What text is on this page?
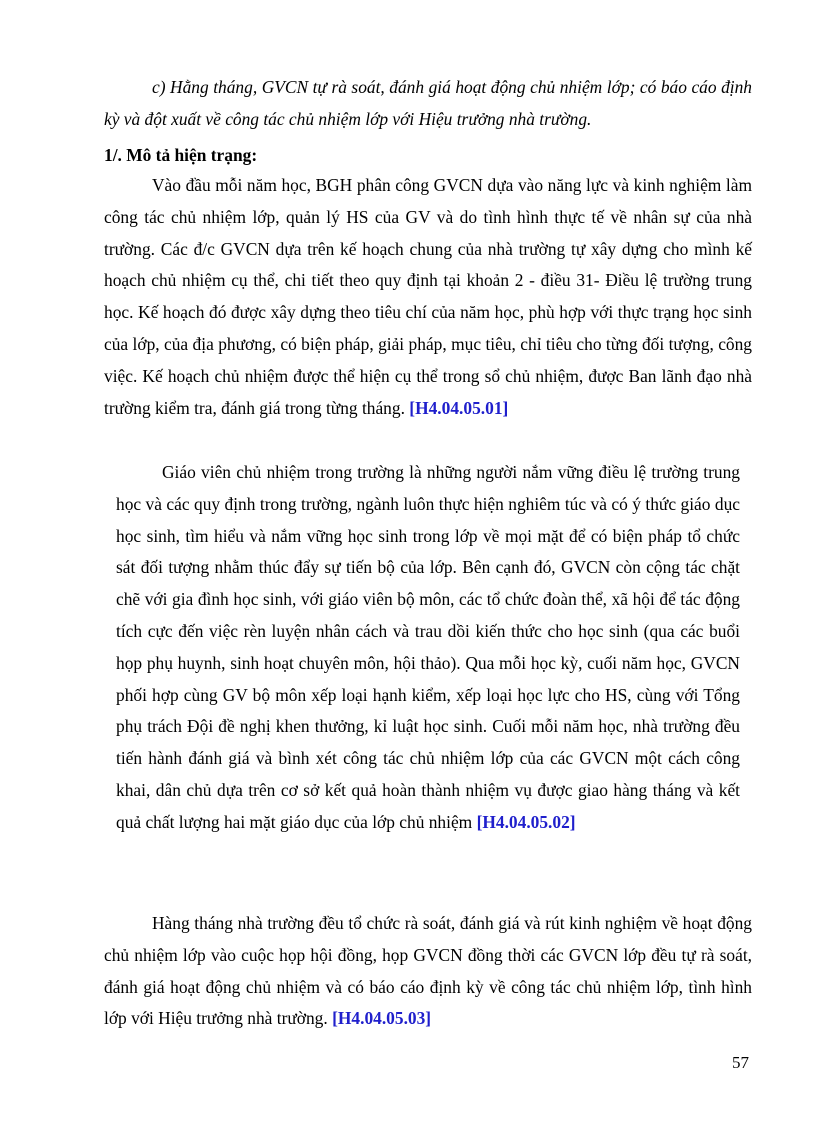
c) Hằng tháng, GVCN tự rà soát, đánh giá hoạt động chủ nhiệm lớp; có báo cáo định kỳ và đột xuất về công tác chủ nhiệm lớp với Hiệu trưởng nhà trường.

1/. Mô tả hiện trạng:

Vào đầu mỗi năm học, BGH phân công GVCN dựa vào năng lực và kinh nghiệm làm công tác chủ nhiệm lớp, quản lý HS của GV và do tình hình thực tế về nhân sự của nhà trường. Các đ/c GVCN dựa trên kế hoạch chung của nhà trường tự xây dựng cho mình kế hoạch chủ nhiệm cụ thể, chi tiết theo quy định tại khoản 2 - điều 31- Điều lệ trường trung học. Kế hoạch đó được xây dựng theo tiêu chí của năm học, phù hợp với thực trạng học sinh của lớp, của địa phương, có biện pháp, giải pháp, mục tiêu, chỉ tiêu cho từng đối tượng, công việc. Kế hoạch chủ nhiệm được thể hiện cụ thể trong sổ chủ nhiệm, được Ban lãnh đạo nhà trường kiểm tra, đánh giá trong từng tháng. [H4.04.05.01]

Giáo viên chủ nhiệm trong trường là những người nắm vững điều lệ trường trung học và các quy định trong trường, ngành luôn thực hiện nghiêm túc và có ý thức giáo dục học sinh, tìm hiểu và nắm vững học sinh trong lớp về mọi mặt để có biện pháp tổ chức sát đối tượng nhằm thúc đẩy sự tiến bộ của lớp. Bên cạnh đó, GVCN còn cộng tác chặt chẽ với gia đình học sinh, với giáo viên bộ môn, các tổ chức đoàn thể, xã hội để tác động tích cực đến việc rèn luyện nhân cách và trau dồi kiến thức cho học sinh (qua các buổi họp phụ huynh, sinh hoạt chuyên môn, hội thảo). Qua mỗi học kỳ, cuối năm học, GVCN phối hợp cùng GV bộ môn xếp loại hạnh kiểm, xếp loại học lực cho HS, cùng với Tổng phụ trách Đội đề nghị khen thưởng, kỉ luật học sinh. Cuối mỗi năm học, nhà trường đều tiến hành đánh giá và bình xét công tác chủ nhiệm lớp của các GVCN một cách công khai, dân chủ dựa trên cơ sở kết quả hoàn thành nhiệm vụ được giao hàng tháng và kết quả chất lượng hai mặt giáo dục của lớp chủ nhiệm [H4.04.05.02]

Hàng tháng nhà trường đều tổ chức rà soát, đánh giá và rút kinh nghiệm về hoạt động chủ nhiệm lớp vào cuộc họp hội đồng, họp GVCN đồng thời các GVCN lớp đều tự rà soát, đánh giá hoạt động chủ nhiệm và có báo cáo định kỳ về công tác chủ nhiệm lớp, tình hình lớp với Hiệu trưởng nhà trường. [H4.04.05.03]

57
